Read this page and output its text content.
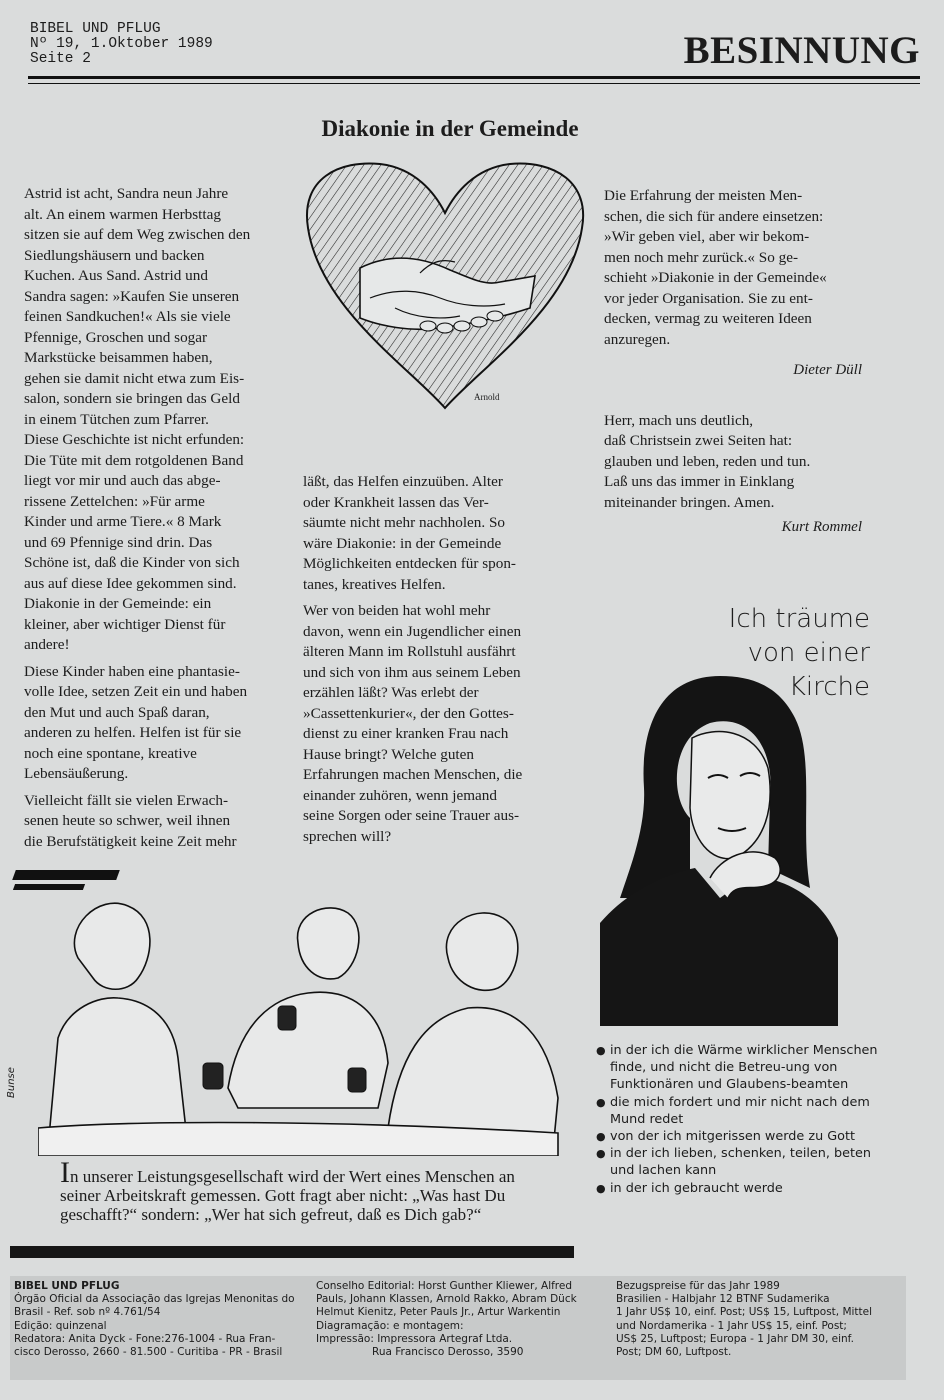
BIBEL UND PFLUG
Nº 19, 1.Oktober 1989
Seite 2	BESINNUNG
Diakonie in der Gemeinde
Arnold

Astrid ist acht, Sandra neun Jahre
alt. An einem warmen Herbsttag
sitzen sie auf dem Weg zwischen den
Siedlungshäusern und backen
Kuchen. Aus Sand. Astrid und
Sandra sagen: »Kaufen Sie unseren
feinen Sandkuchen!« Als sie viele
Pfennige, Groschen und sogar
Markstücke beisammen haben,
gehen sie damit nicht etwa zum Eis-
salon, sondern sie bringen das Geld
in einem Tütchen zum Pfarrer.
Diese Geschichte ist nicht erfunden:
Die Tüte mit dem rotgoldenen Band
liegt vor mir und auch das abge-
rissene Zettelchen: »Für arme
Kinder und arme Tiere.« 8 Mark
und 69 Pfennige sind drin. Das
Schöne ist, daß die Kinder von sich
aus auf diese Idee gekommen sind.
Diakonie in der Gemeinde: ein
kleiner, aber wichtiger Dienst für
andere!

Diese Kinder haben eine phantasie-
volle Idee, setzen Zeit ein und haben
den Mut und auch Spaß daran,
anderen zu helfen. Helfen ist für sie
noch eine spontane, kreative
Lebensäußerung.

Vielleicht fällt sie vielen Erwach-
senen heute so schwer, weil ihnen
die Berufstätigkeit keine Zeit mehr

läßt, das Helfen einzuüben. Alter
oder Krankheit lassen das Ver-
säumte nicht mehr nachholen. So
wäre Diakonie: in der Gemeinde
Möglichkeiten entdecken für spon-
tanes, kreatives Helfen.

Wer von beiden hat wohl mehr
davon, wenn ein Jugendlicher einen
älteren Mann im Rollstuhl ausfährt
und sich von ihm aus seinem Leben
erzählen läßt? Was erlebt der
»Cassettenkurier«, der den Gottes-
dienst zu einer kranken Frau nach
Hause bringt? Welche guten
Erfahrungen machen Menschen, die
einander zuhören, wenn jemand
seine Sorgen oder seine Trauer aus-
sprechen will?

Die Erfahrung der meisten Men-
schen, die sich für andere einsetzen:
»Wir geben viel, aber wir bekom-
men noch mehr zurück.« So ge-
schieht »Diakonie in der Gemeinde«
vor jeder Organisation. Sie zu ent-
decken, vermag zu weiteren Ideen
anzuregen.

Dieter Düll

Herr, mach uns deutlich,
daß Christsein zwei Seiten hat:
glauben und leben, reden und tun.
Laß uns das immer in Einklang
miteinander bringen. Amen.

Kurt Rommel
Ich träume
von einer
Kirche
● in der ich die Wärme wirklicher Menschen finde, und nicht die Betreu-ung von Funktionären und Glaubens-beamten
● die mich fordert und mir nicht nach dem Mund redet
● von der ich mitgerissen werde zu Gott
● in der ich lieben, schenken, teilen, beten und lachen kann
● in der ich gebraucht werde
Bunse
In unserer Leistungsgesellschaft wird der Wert eines Menschen an
seiner Arbeitskraft gemessen. Gott fragt aber nicht: „Was hast Du
geschafft?“ sondern: „Wer hat sich gefreut, daß es Dich gab?“
BIBEL UND PFLUG
Órgão Oficial da Associação das Igrejas Menonitas do
Brasil - Ref. sob nº 4.761/54
Edição: quinzenal
Redatora: Anita Dyck - Fone:276-1004 - Rua Fran-
cisco Derosso, 2660 - 81.500 - Curitiba - PR - Brasil
Conselho Editorial: Horst Gunther Kliewer, Alfred
Pauls, Johann Klassen, Arnold Rakko, Abram Dück
Helmut Kienitz, Peter Pauls Jr., Artur Warkentin
Diagramação: e montagem:
Impressão: Impressora Artegraf Ltda.
Rua Francisco Derosso, 3590
Bezugspreise für das Jahr 1989
Brasilien - Halbjahr 12 BTNF Sudamerika
1 Jahr US$ 10, einf. Post; US$ 15, Luftpost, Mittel
und Nordamerika - 1 Jahr US$ 15, einf. Post;
US$ 25, Luftpost; Europa - 1 Jahr DM 30, einf.
Post; DM 60, Luftpost.
